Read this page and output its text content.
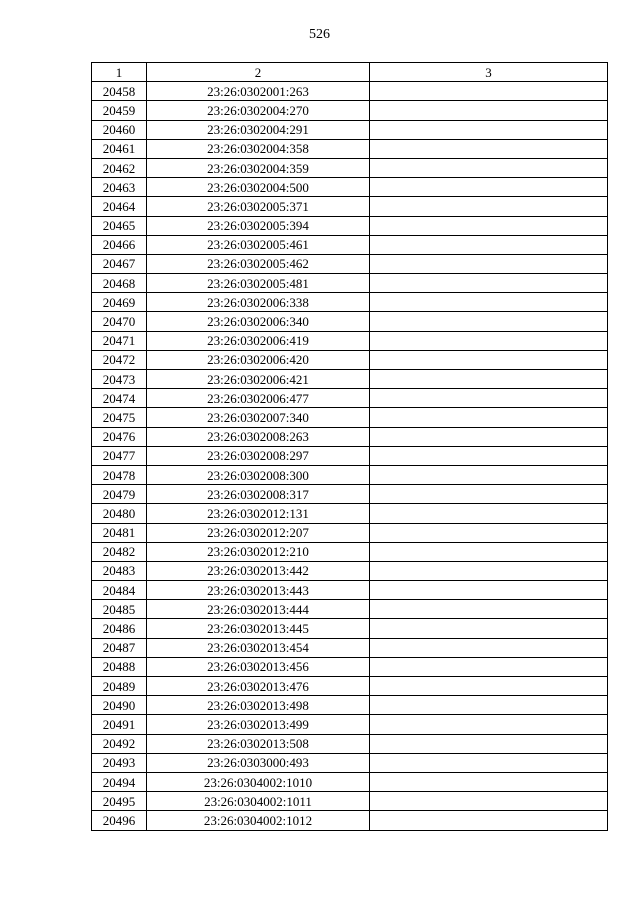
526
1	2	3
20458	23:26:0302001:263	
20459	23:26:0302004:270	
20460	23:26:0302004:291	
20461	23:26:0302004:358	
20462	23:26:0302004:359	
20463	23:26:0302004:500	
20464	23:26:0302005:371	
20465	23:26:0302005:394	
20466	23:26:0302005:461	
20467	23:26:0302005:462	
20468	23:26:0302005:481	
20469	23:26:0302006:338	
20470	23:26:0302006:340	
20471	23:26:0302006:419	
20472	23:26:0302006:420	
20473	23:26:0302006:421	
20474	23:26:0302006:477	
20475	23:26:0302007:340	
20476	23:26:0302008:263	
20477	23:26:0302008:297	
20478	23:26:0302008:300	
20479	23:26:0302008:317	
20480	23:26:0302012:131	
20481	23:26:0302012:207	
20482	23:26:0302012:210	
20483	23:26:0302013:442	
20484	23:26:0302013:443	
20485	23:26:0302013:444	
20486	23:26:0302013:445	
20487	23:26:0302013:454	
20488	23:26:0302013:456	
20489	23:26:0302013:476	
20490	23:26:0302013:498	
20491	23:26:0302013:499	
20492	23:26:0302013:508	
20493	23:26:0303000:493	
20494	23:26:0304002:1010	
20495	23:26:0304002:1011	
20496	23:26:0304002:1012	
